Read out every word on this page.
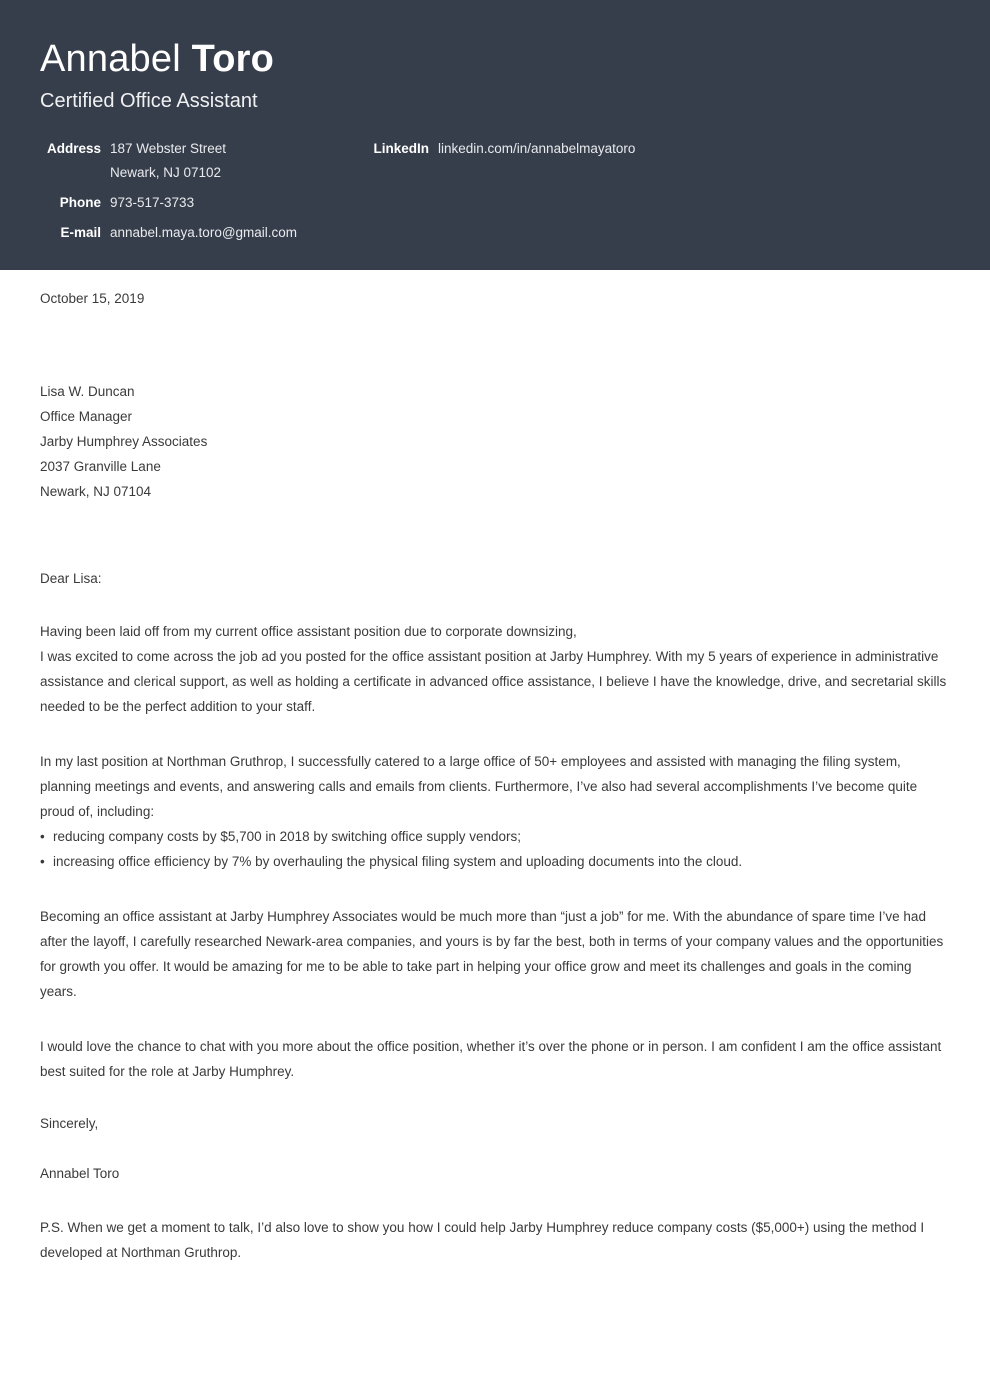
Annabel Toro
Certified Office Assistant
Address 187 Webster Street
Newark, NJ 07102
Phone 973-517-3733
E-mail annabel.maya.toro@gmail.com
LinkedIn linkedin.com/in/annabelmayatoro
October 15, 2019
Lisa W. Duncan
Office Manager
Jarby Humphrey Associates
2037 Granville Lane
Newark, NJ 07104
Dear Lisa:
Having been laid off from my current office assistant position due to corporate downsizing,
I was excited to come across the job ad you posted for the office assistant position at Jarby Humphrey. With my 5 years of experience in administrative assistance and clerical support, as well as holding a certificate in advanced office assistance, I believe I have the knowledge, drive, and secretarial skills needed to be the perfect addition to your staff.
In my last position at Northman Gruthrop, I successfully catered to a large office of 50+ employees and assisted with managing the filing system, planning meetings and events, and answering calls and emails from clients. Furthermore, I’ve also had several accomplishments I’ve become quite proud of, including:
• reducing company costs by $5,700 in 2018 by switching office supply vendors;
• increasing office efficiency by 7% by overhauling the physical filing system and uploading documents into the cloud.
Becoming an office assistant at Jarby Humphrey Associates would be much more than “just a job” for me. With the abundance of spare time I’ve had after the layoff, I carefully researched Newark-area companies, and yours is by far the best, both in terms of your company values and the opportunities for growth you offer. It would be amazing for me to be able to take part in helping your office grow and meet its challenges and goals in the coming years.
I would love the chance to chat with you more about the office position, whether it’s over the phone or in person. I am confident I am the office assistant best suited for the role at Jarby Humphrey.
Sincerely,
Annabel Toro
P.S. When we get a moment to talk, I’d also love to show you how I could help Jarby Humphrey reduce company costs ($5,000+) using the method I developed at Northman Gruthrop.
